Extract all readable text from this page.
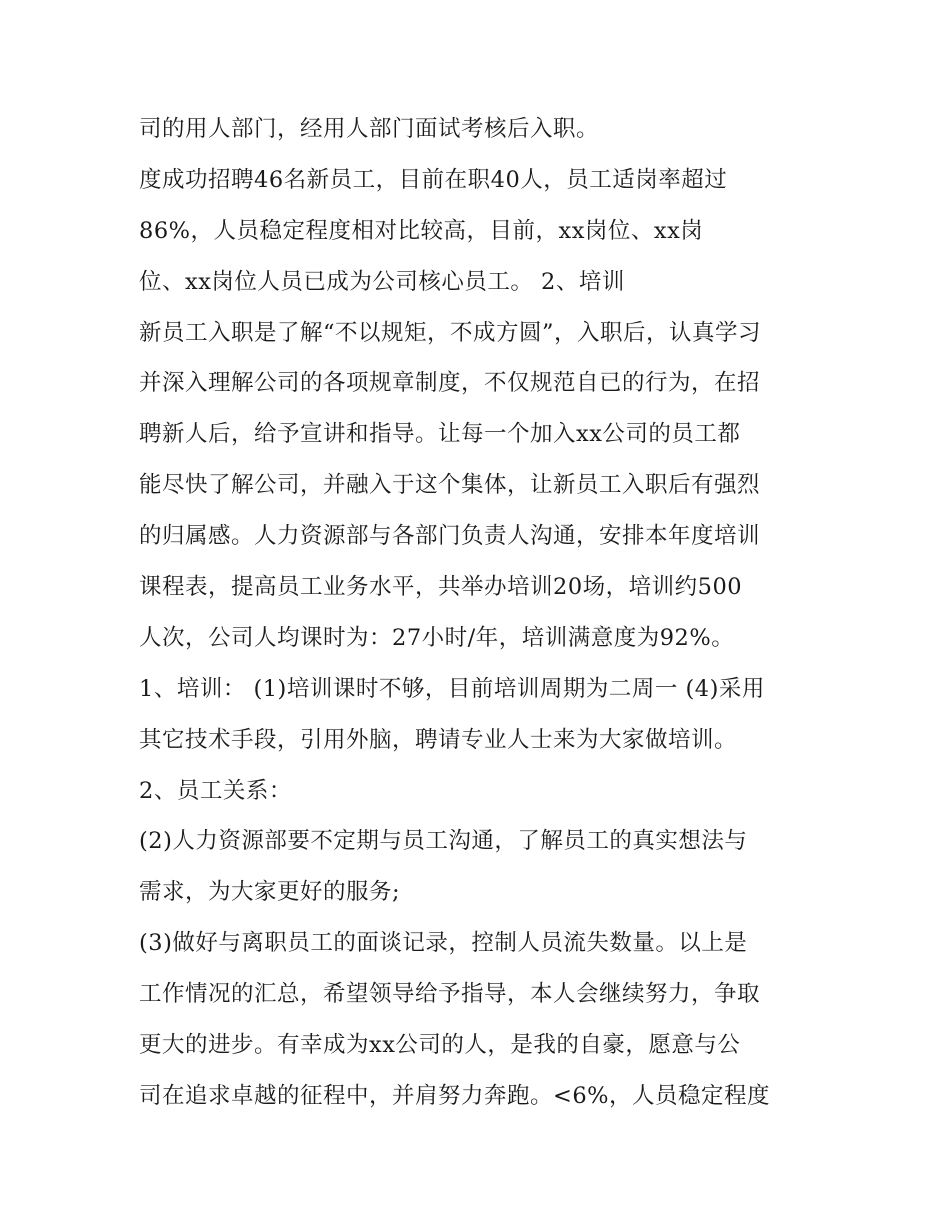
司的用人部门，经用人部门面试考核后入职。
度成功招聘46名新员工，目前在职40人，员工适岗率超过
86%，人员稳定程度相对比较高，目前，xx岗位、xx岗
位、xx岗位人员已成为公司核心员工。 2、培训
新员工入职是了解“不以规矩，不成方圆”，入职后，认真学习
并深入理解公司的各项规章制度，不仅规范自已的行为，在招
聘新人后，给予宣讲和指导。让每一个加入xx公司的员工都
能尽快了解公司，并融入于这个集体，让新员工入职后有强烈
的归属感。人力资源部与各部门负责人沟通，安排本年度培训
课程表，提高员工业务水平，共举办培训20场，培训约500
人次，公司人均课时为：27小时/年，培训满意度为92%。
1、培训： (1)培训课时不够，目前培训周期为二周一 (4)采用
其它技术手段，引用外脑，聘请专业人士来为大家做培训。
2、员工关系：
(2)人力资源部要不定期与员工沟通，了解员工的真实想法与
需求，为大家更好的服务;
(3)做好与离职员工的面谈记录，控制人员流失数量。以上是
工作情况的汇总，希望领导给予指导，本人会继续努力，争取
更大的进步。有幸成为xx公司的人，是我的自豪，愿意与公
司在追求卓越的征程中，并肩努力奔跑。<6%，人员稳定程度
